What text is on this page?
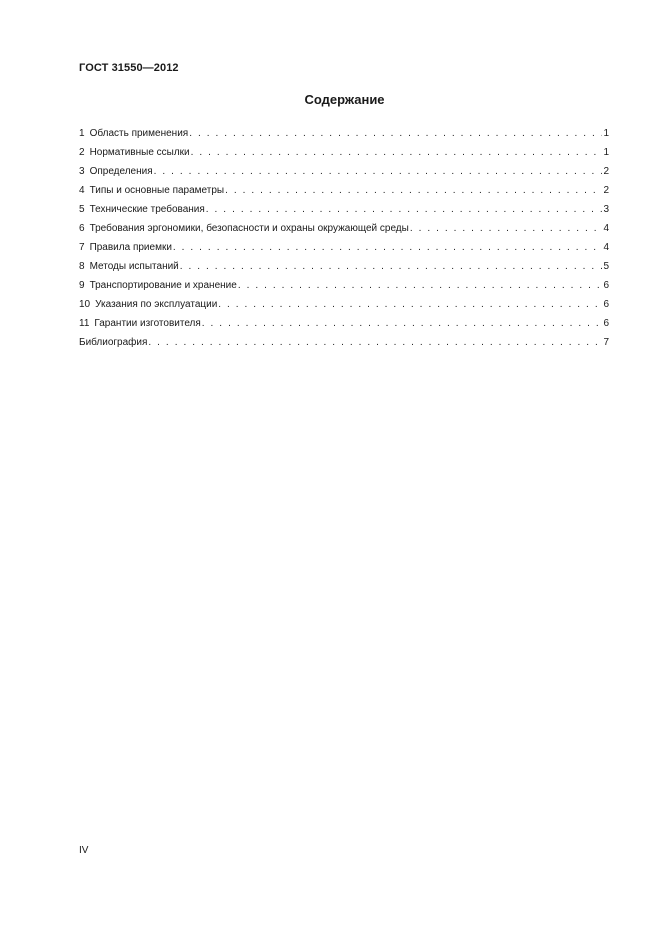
ГОСТ 31550—2012
Содержание
1 Область применения . . .	1
2 Нормативные ссылки . . .	1
3 Определения . . .	2
4 Типы и основные параметры . . .	2
5 Технические требования . . .	3
6 Требования эргономики, безопасности и охраны окружающей среды . . .	4
7 Правила приемки . . .	4
8 Методы испытаний . . .	5
9 Транспортирование и хранение . . .	6
10 Указания по эксплуатации . . .	6
11 Гарантии изготовителя . . .	6
Библиография . . .	7
IV
